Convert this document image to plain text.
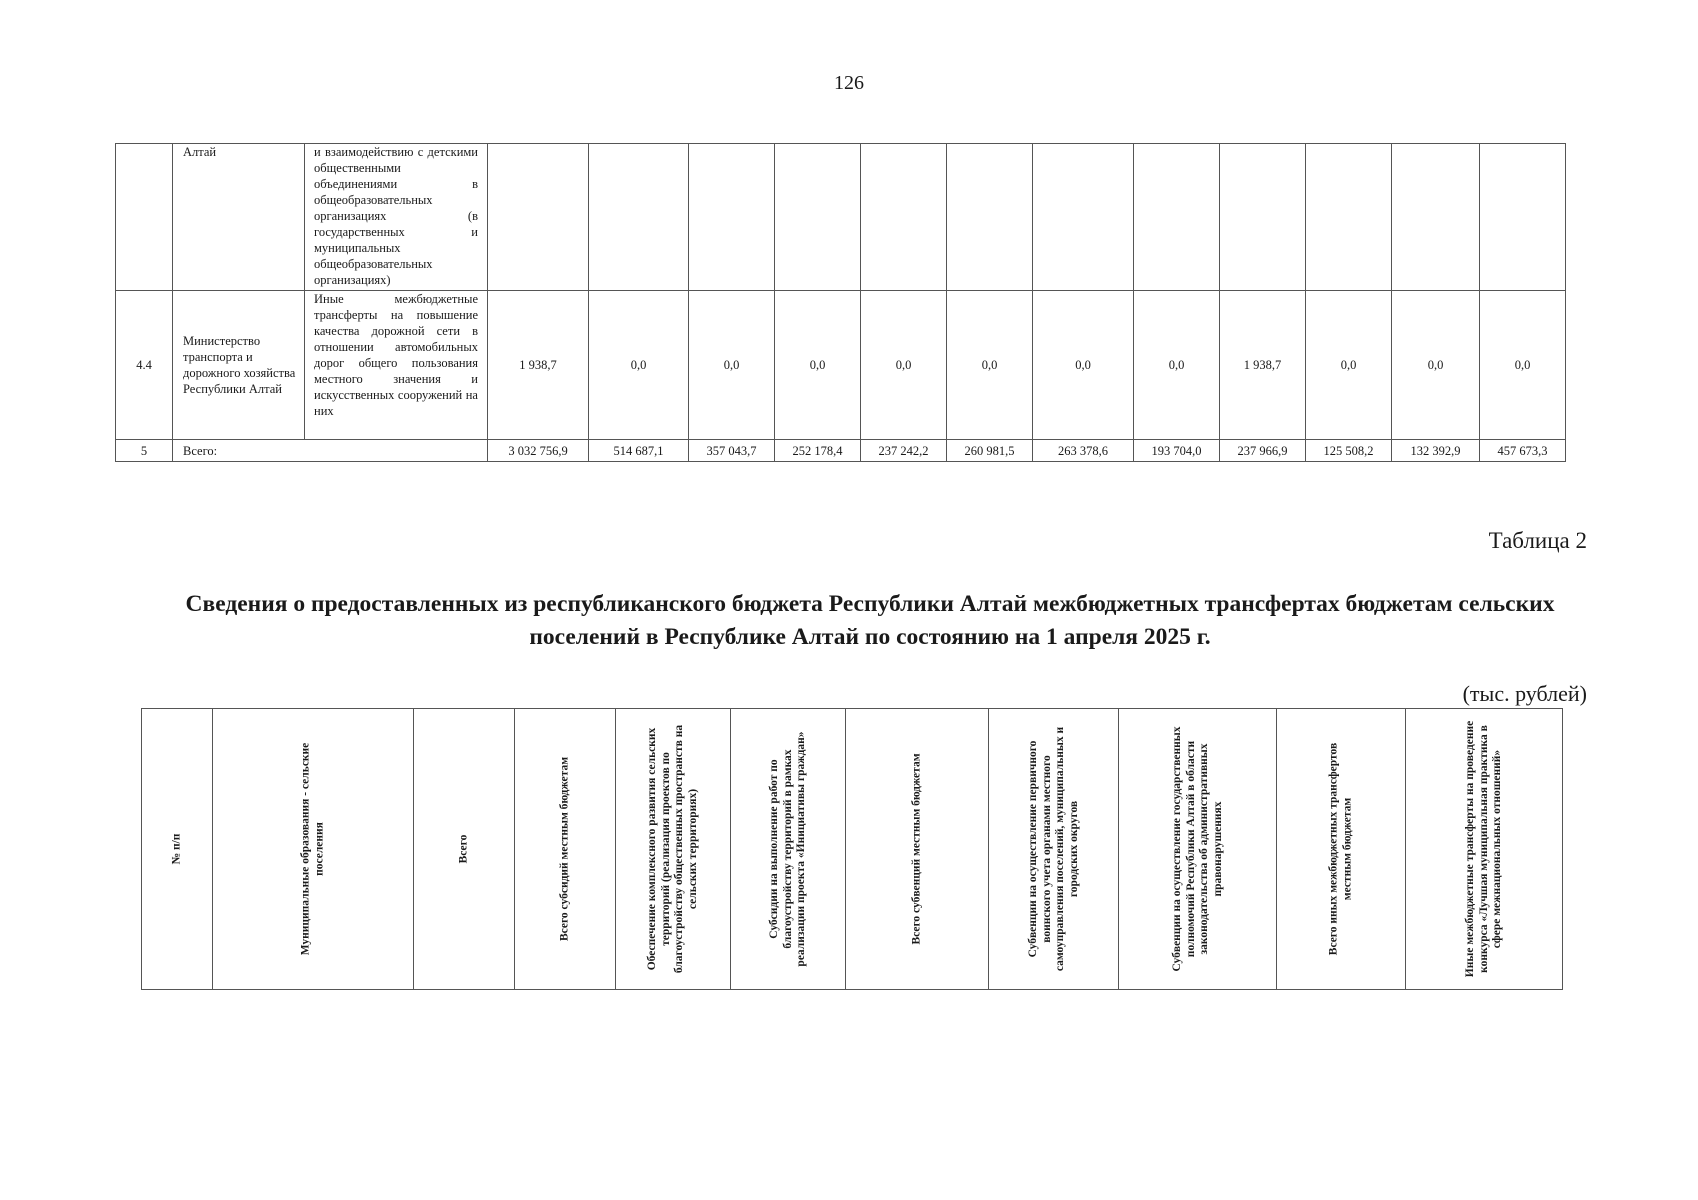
126
	Алтай	и взаимодействию с детскими общественными объединениями в общеобразовательных организациях (в государственных и муниципальных общеобразовательных организациях)												
4.4	Министерство транспорта и дорожного хозяйства Республики Алтай	Иные межбюджетные трансферты на повышение качества дорожной сети в отношении автомобильных дорог общего пользования местного значения и искусственных сооружений на них	1 938,7	0,0	0,0	0,0	0,0	0,0	0,0	0,0	1 938,7	0,0	0,0	0,0
5	Всего:		3 032 756,9	514 687,1	357 043,7	252 178,4	237 242,2	260 981,5	263 378,6	193 704,0	237 966,9	125 508,2	132 392,9	457 673,3
Таблица 2
Сведения о предоставленных из республиканского бюджета Республики Алтай межбюджетных трансфертах бюджетам сельских поселений в Республике Алтай по состоянию на 1 апреля 2025 г.
(тыс. рублей)
№ п/п	Муниципальные образования - сельские поселения	Всего	Всего субсидий местным бюджетам	Обеспечение комплексного развития сельских территорий (реализация проектов по благоустройству общественных пространств на сельских территориях)	Субсидии на выполнение работ по благоустройству территорий в рамках реализации проекта «Инициативы граждан»	Всего субвенций местным бюджетам	Субвенции на осуществление первичного воинского учета органами местного самоуправления поселений, муниципальных и городских округов	Субвенции на осуществление государственных полномочий Республики Алтай в области законодательства об административных правонарушениях	Всего иных межбюджетных трансфертов местным бюджетам	Иные межбюджетные трансферты на проведение конкурса «Лучшая муниципальная практика в сфере межнациональных отношений»
